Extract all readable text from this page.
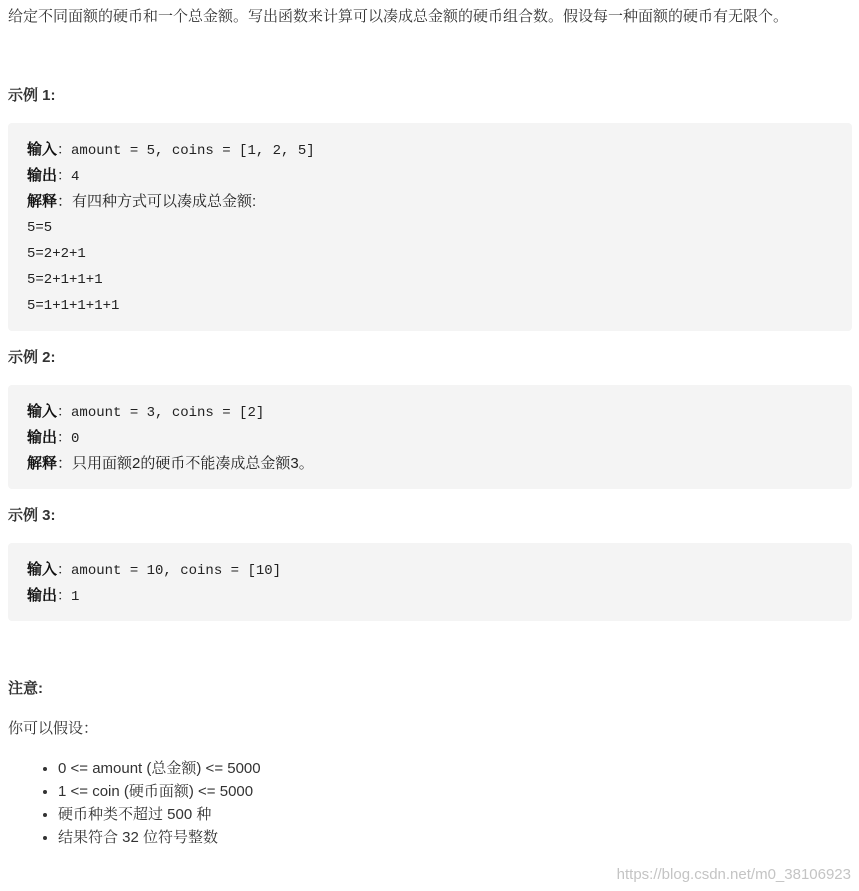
给定不同面额的硬币和一个总金额。写出函数来计算可以凑成总金额的硬币组合数。假设每一种面额的硬币有无限个。

示例 1:

输入：amount = 5, coins = [1, 2, 5]
输出：4
解释：有四种方式可以凑成总金额:
5=5
5=2+2+1
5=2+1+1+1
5=1+1+1+1+1

示例 2:

输入：amount = 3, coins = [2]
输出：0
解释：只用面额2的硬币不能凑成总金额3。

示例 3:

输入：amount = 10, coins = [10]
输出：1

注意:

你可以假设：

• 0 <= amount (总金额) <= 5000
• 1 <= coin (硬币面额) <= 5000
• 硬币种类不超过 500 种
• 结果符合 32 位符号整数
https://blog.csdn.net/m0_38106923
